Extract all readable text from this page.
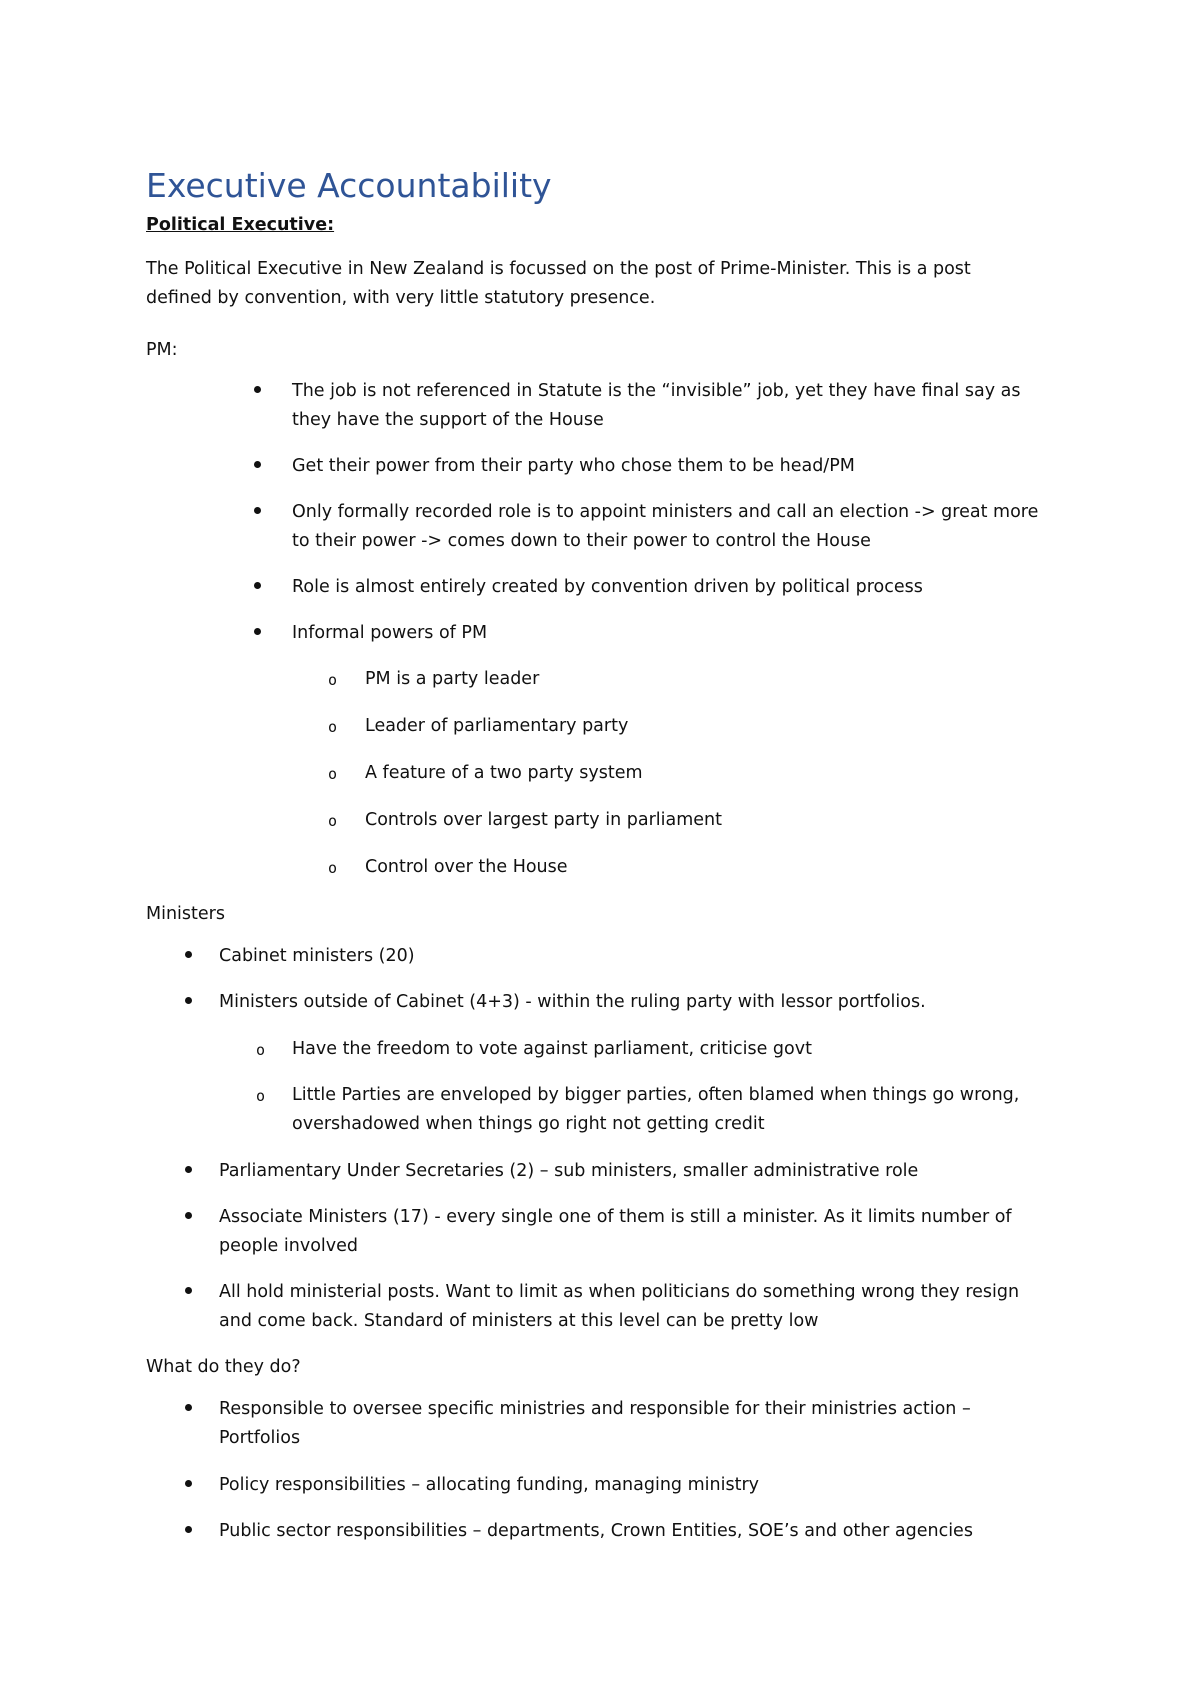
Executive Accountability

Political Executive:

The Political Executive in New Zealand is focussed on the post of Prime-Minister. This is a post

defined by convention, with very little statutory presence.

PM:

The job is not referenced in Statute is the “invisible” job, yet they have final say as

they have the support of the House

Get their power from their party who chose them to be head/PM

Only formally recorded role is to appoint ministers and call an election -> great more

to their power -> comes down to their power to control the House

Role is almost entirely created by convention driven by political process

Informal powers of PM

o PM is a party leader

o Leader of parliamentary party

o A feature of a two party system

o Controls over largest party in parliament

o Control over the House

Ministers

Cabinet ministers (20)

Ministers outside of Cabinet (4+3) - within the ruling party with lessor portfolios.

o Have the freedom to vote against parliament, criticise govt

o Little Parties are enveloped by bigger parties, often blamed when things go wrong,

overshadowed when things go right not getting credit

Parliamentary Under Secretaries (2) – sub ministers, smaller administrative role

Associate Ministers (17) - every single one of them is still a minister. As it limits number of

people involved

All hold ministerial posts. Want to limit as when politicians do something wrong they resign

and come back. Standard of ministers at this level can be pretty low

What do they do?

Responsible to oversee specific ministries and responsible for their ministries action –

Portfolios

Policy responsibilities – allocating funding, managing ministry

Public sector responsibilities – departments, Crown Entities, SOE’s and other agencies
